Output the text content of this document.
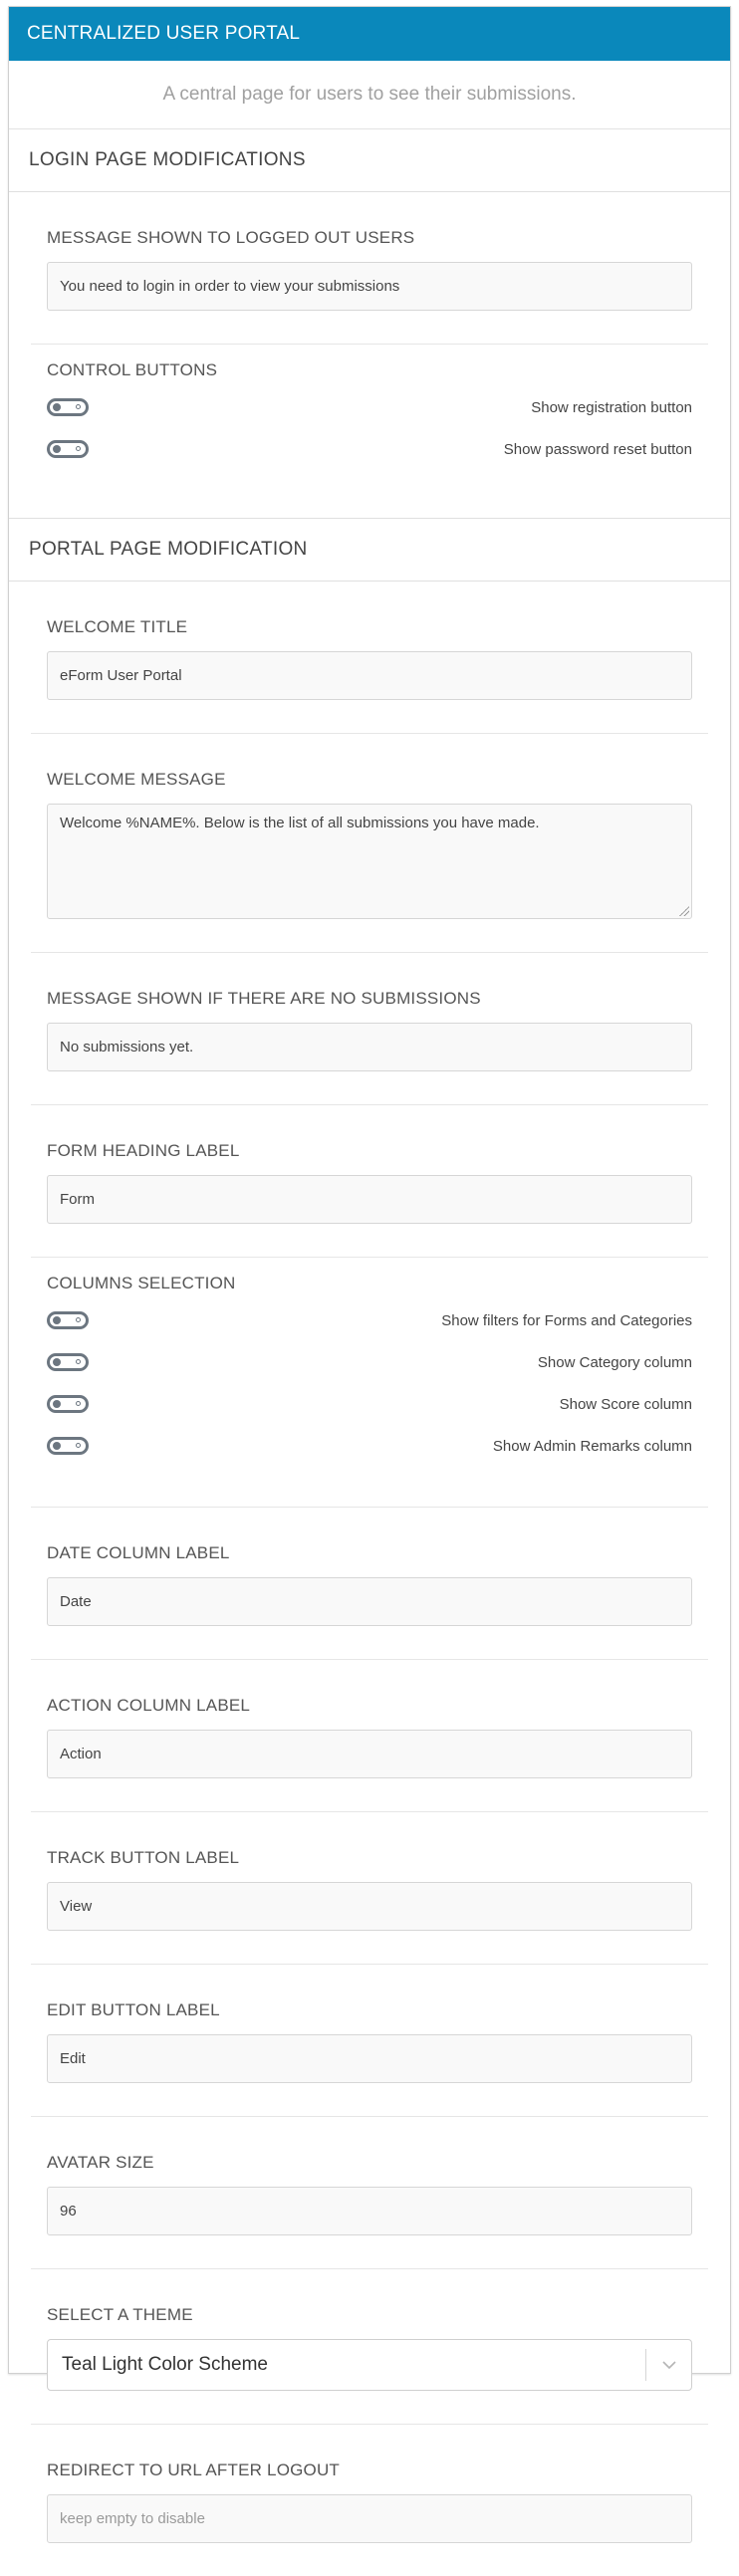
CENTRALIZED USER PORTAL
A central page for users to see their submissions.
LOGIN PAGE MODIFICATIONS
MESSAGE SHOWN TO LOGGED OUT USERS
You need to login in order to view your submissions
CONTROL BUTTONS
Show registration button
Show password reset button
PORTAL PAGE MODIFICATION
WELCOME TITLE
eForm User Portal
WELCOME MESSAGE
Welcome %NAME%. Below is the list of all submissions you have made.
MESSAGE SHOWN IF THERE ARE NO SUBMISSIONS
No submissions yet.
FORM HEADING LABEL
Form
COLUMNS SELECTION
Show filters for Forms and Categories
Show Category column
Show Score column
Show Admin Remarks column
DATE COLUMN LABEL
Date
ACTION COLUMN LABEL
Action
TRACK BUTTON LABEL
View
EDIT BUTTON LABEL
Edit
AVATAR SIZE
96
SELECT A THEME
Teal Light Color Scheme
REDIRECT TO URL AFTER LOGOUT
keep empty to disable
